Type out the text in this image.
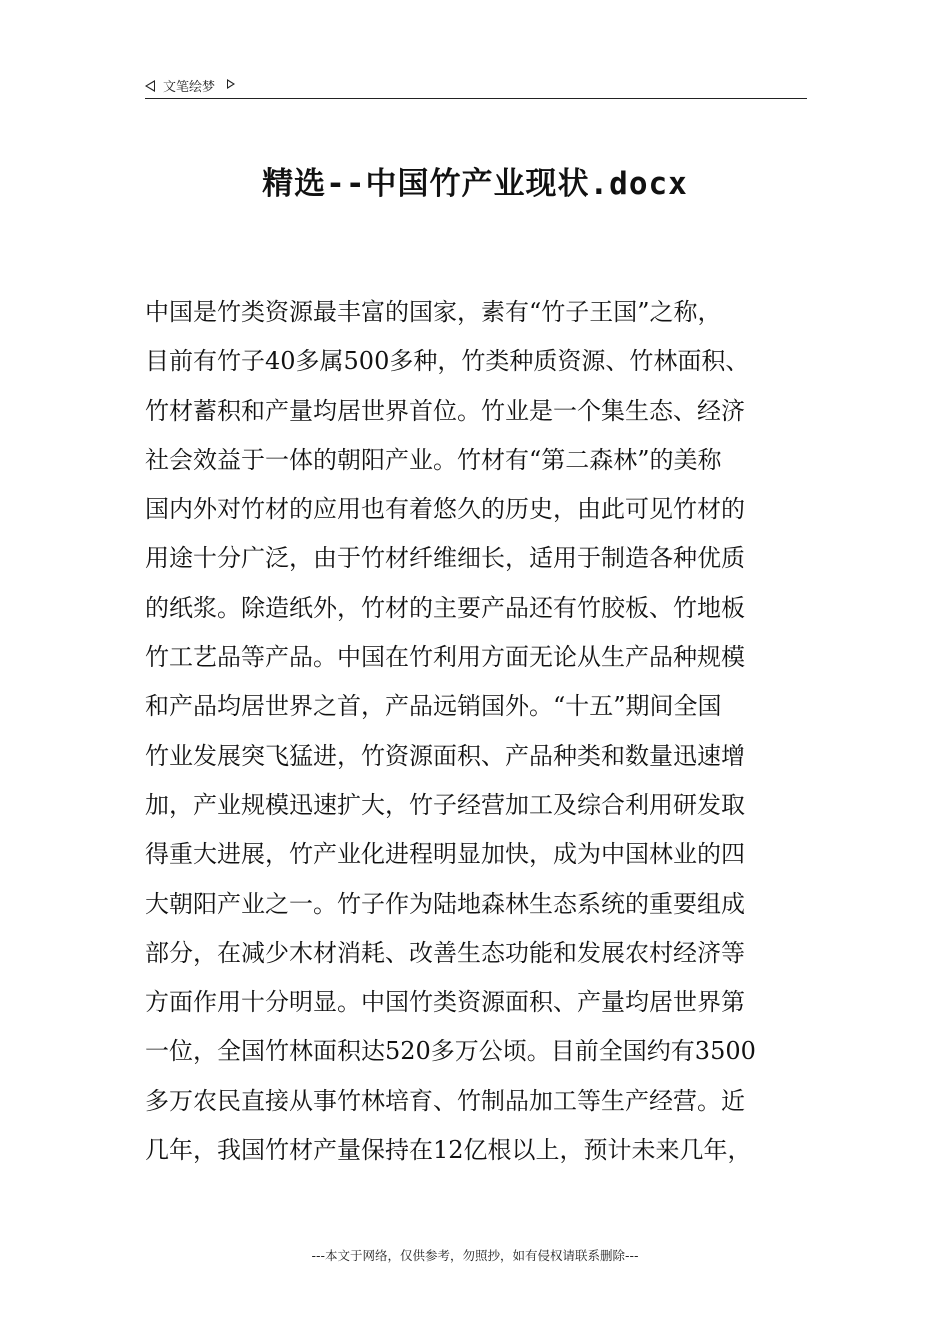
文笔绘梦
精选--中国竹产业现状.docx
中国是竹类资源最丰富的国家，素有“竹子王国”之称，
目前有竹子40多属500多种，竹类种质资源、竹林面积、
竹材蓄积和产量均居世界首位。竹业是一个集生态、经济
社会效益于一体的朝阳产业。竹材有“第二森林”的美称
国内外对竹材的应用也有着悠久的历史，由此可见竹材的
用途十分广泛，由于竹材纤维细长，适用于制造各种优质
的纸浆。除造纸外，竹材的主要产品还有竹胶板、竹地板
竹工艺品等产品。中国在竹利用方面无论从生产品种规模
和产品均居世界之首，产品远销国外。“十五”期间全国
竹业发展突飞猛进，竹资源面积、产品种类和数量迅速增
加，产业规模迅速扩大，竹子经营加工及综合利用研发取
得重大进展，竹产业化进程明显加快，成为中国林业的四
大朝阳产业之一。竹子作为陆地森林生态系统的重要组成
部分，在减少木材消耗、改善生态功能和发展农村经济等
方面作用十分明显。中国竹类资源面积、产量均居世界第
一位，全国竹林面积达520多万公顷。目前全国约有3500
多万农民直接从事竹林培育、竹制品加工等生产经营。近
几年，我国竹材产量保持在12亿根以上，预计未来几年，
---本文于网络，仅供参考，勿照抄，如有侵权请联系删除---
